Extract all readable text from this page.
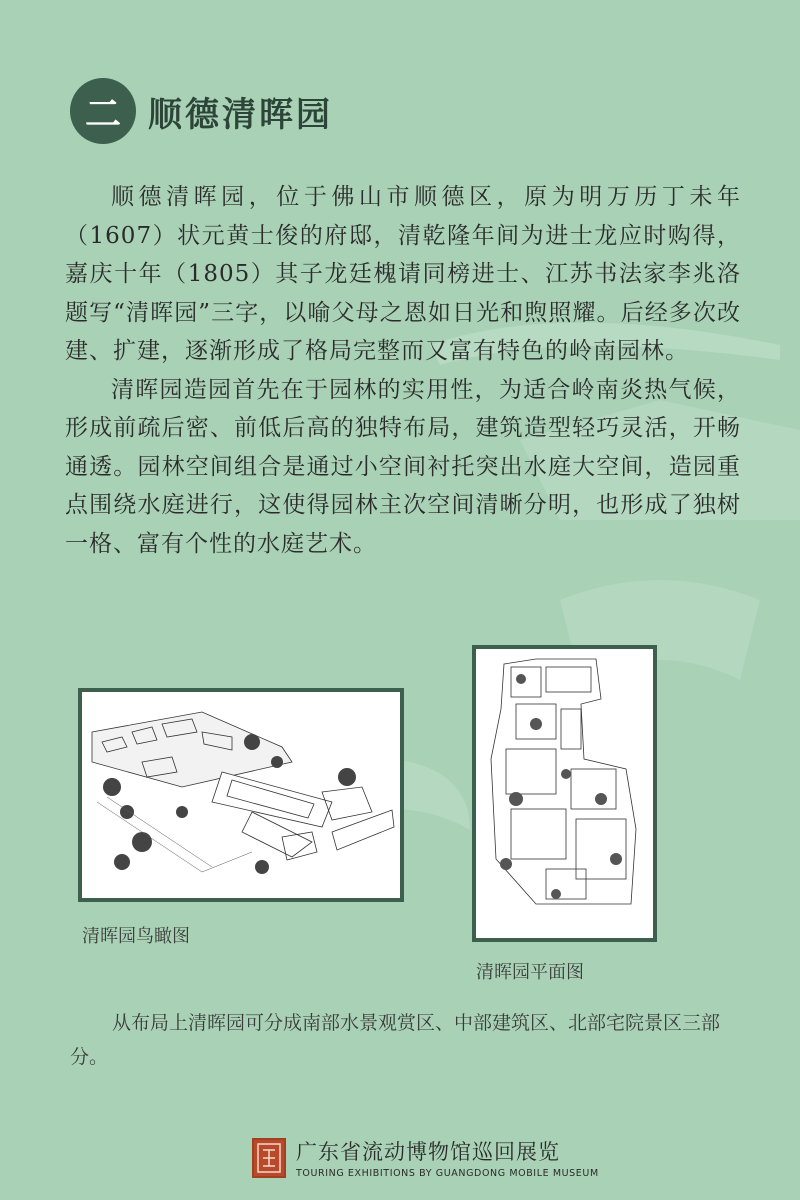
二 顺德清晖园

顺德清晖园，位于佛山市顺德区，原为明万历丁未年（1607）状元黄士俊的府邸，清乾隆年间为进士龙应时购得，嘉庆十年（1805）其子龙廷槐请同榜进士、江苏书法家李兆洛题写“清晖园”三字，以喻父母之恩如日光和煦照耀。后经多次改建、扩建，逐渐形成了格局完整而又富有特色的岭南园林。

清晖园造园首先在于园林的实用性，为适合岭南炎热气候，形成前疏后密、前低后高的独特布局，建筑造型轻巧灵活，开畅通透。园林空间组合是通过小空间衬托突出水庭大空间，造园重点围绕水庭进行，这使得园林主次空间清晰分明，也形成了独树一格、富有个性的水庭艺术。

清晖园鸟瞰图
清晖园平面图
从布局上清晖园可分成南部水景观赏区、中部建筑区、北部宅院景区三部分。
广东省流动博物馆巡回展览
TOURING EXHIBITIONS BY GUANGDONG MOBILE MUSEUM
